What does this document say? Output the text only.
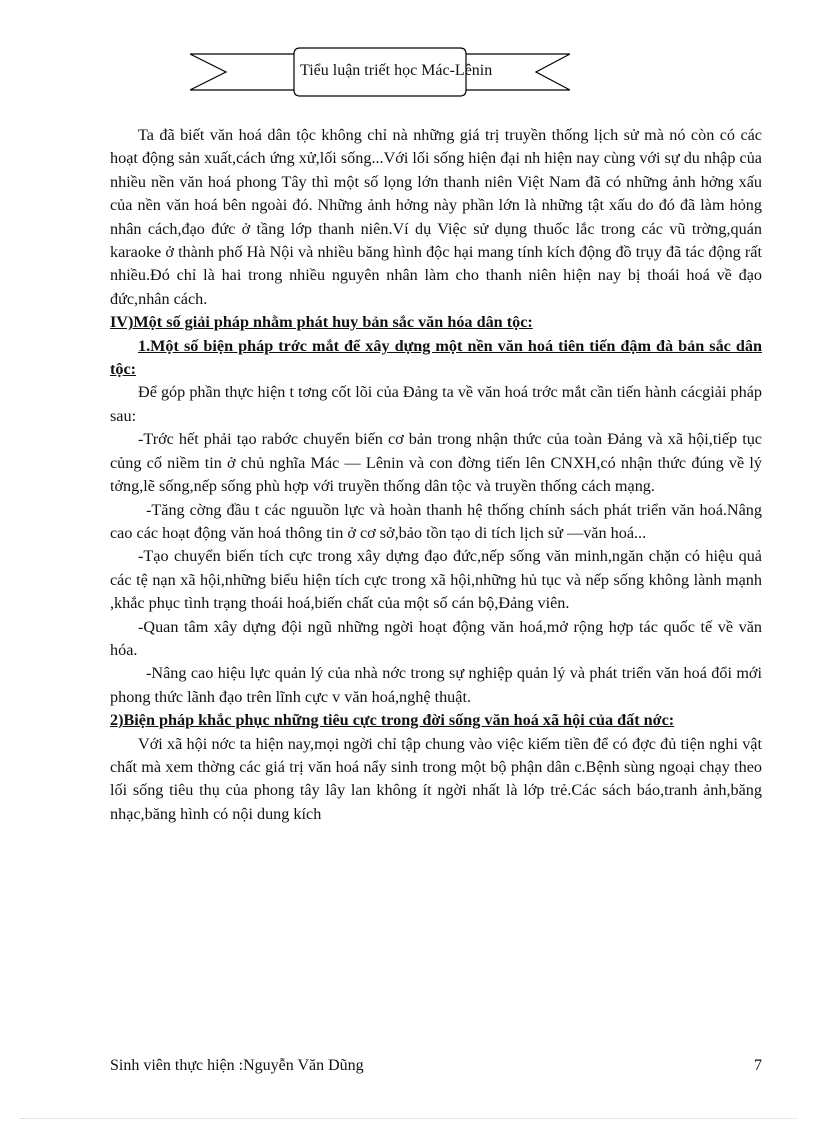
Tiểu luận triết học Mác-Lênin

Ta đã biết văn hoá dân tộc không chỉ nà những giá trị truyền thống lịch sử mà nó còn có các hoạt động sản xuất,cách ứng xử,lối sống...Với lối sống hiện đại nh hiện nay cùng với sự du nhập của nhiều nền văn hoá phong Tây thì một số lọng lớn thanh niên Việt Nam đã có những ảnh hởng xấu của nền văn hoá bên ngoài đó. Những ảnh hởng này phần lớn là những tật xấu do đó đã làm hỏng nhân cách,đạo đức ở tầng lớp thanh niên.Ví dụ Việc sử dụng thuốc lắc trong các vũ trờng,quán karaoke ở thành phố Hà Nội và nhiều băng hình độc hại mang tính kích động đồ trụy đã tác động rất nhiều.Đó chỉ là hai trong nhiều nguyên nhân làm cho thanh niên hiện nay bị thoái hoá về đạo đức,nhân cách.

IV)Một số giải pháp nhằm phát huy bản sắc văn hóa dân tộc:

1.Một số biện pháp trớc mắt để xây dựng một nền văn hoá tiên tiến đậm đà bản sắc dân tộc:

Để góp phần thực hiện t tơng cốt lõi của Đảng ta về văn hoá trớc mắt cần tiến hành cácgiải pháp sau:

-Trớc hết phải tạo rabớc chuyển biến cơ bản trong nhận thức của toàn Đảng và xã hội,tiếp tục củng cố niềm tin ở chủ nghĩa Mác — Lênin và con đờng tiến lên CNXH,có nhận thức đúng về lý tởng,lẽ sống,nếp sống phù hợp với truyền thống dân tộc và truyền thống cách mạng.

-Tăng cờng đầu t các nguuồn lực và hoàn thanh hệ thống chính sách phát triển văn hoá.Nâng cao các hoạt động văn hoá thông tin ở cơ sở,bảo tồn tạo di tích lịch sử —văn hoá...

-Tạo chuyển biến tích cực trong xây dựng đạo đức,nếp sống văn minh,ngăn chặn có hiệu quả các tệ nạn xã hội,những biểu hiện tích cực trong xã hội,những hủ tục và nếp sống không lành mạnh ,khắc phục tình trạng thoái hoá,biến chất của một số cán bộ,Đảng viên.

-Quan tâm xây dựng đội ngũ những ngời hoạt động văn hoá,mở rộng hợp tác quốc tế về văn hóa.

-Nâng cao hiệu lực quản lý của nhà nớc trong sự nghiệp quản lý và phát triển văn hoá đổi mới phong thức lãnh đạo trên lĩnh cực v văn hoá,nghệ thuật.

2)Biện pháp khắc phục những tiêu cực trong đời sống văn hoá xã hội của đất nớc:

Với xã hội nớc ta hiện nay,mọi ngời chỉ tập chung vào việc kiếm tiền để có đợc đủ tiện nghi vật chất mà xem thờng các giá trị văn hoá nẩy sinh trong một bộ phận dân c.Bệnh sùng ngoại chạy theo lối sống tiêu thụ của phong tây lây lan không ít ngời nhất là lớp trẻ.Các sách báo,tranh ảnh,băng nhạc,băng hình có nội dung kích

Sinh viên thực hiện :Nguyễn Văn Dũng	7
